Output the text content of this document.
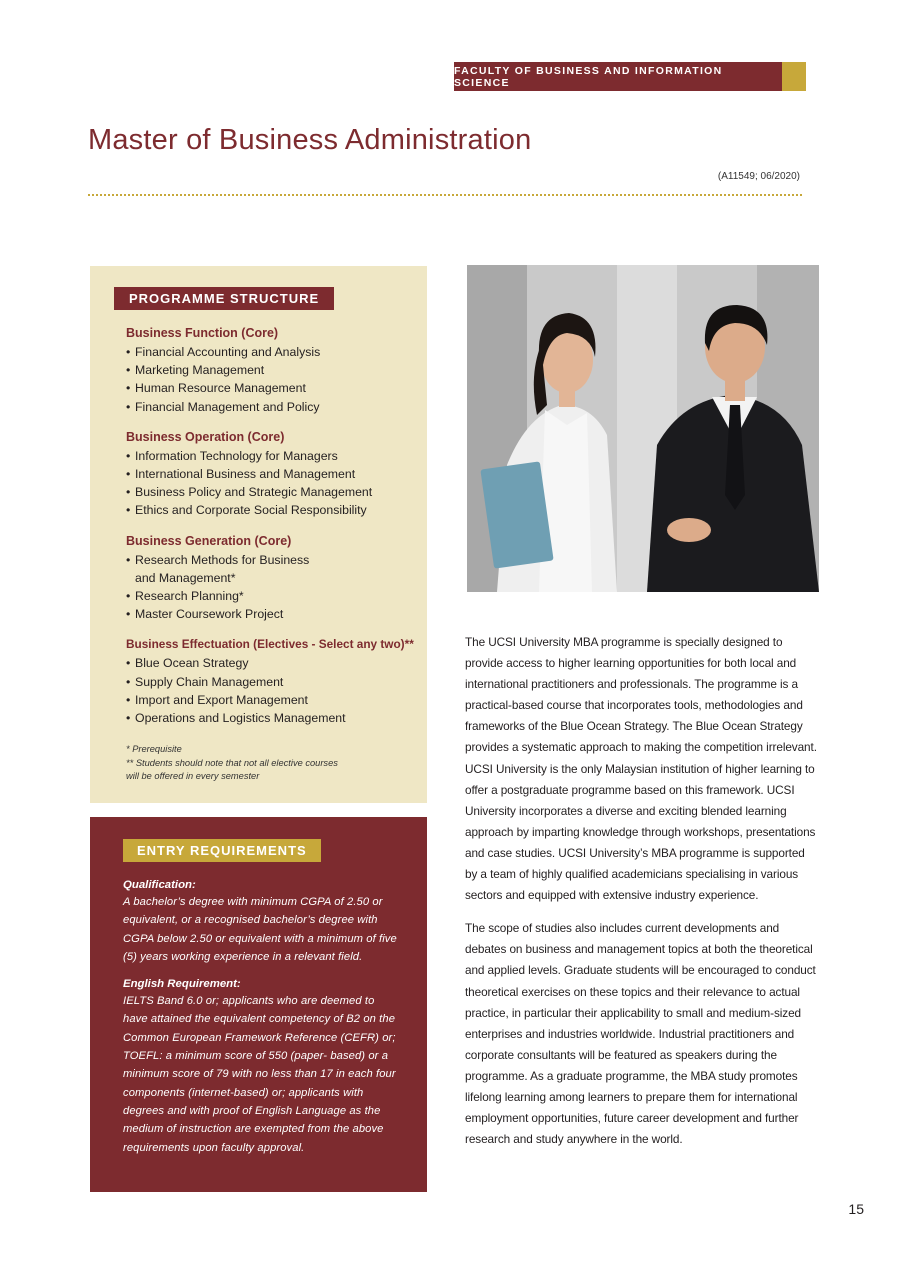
FACULTY OF BUSINESS AND INFORMATION SCIENCE
Master of Business Administration
(A11549; 06/2020)
PROGRAMME STRUCTURE
Business Function (Core)
• Financial Accounting and Analysis
• Marketing Management
• Human Resource Management
• Financial Management and Policy
Business Operation (Core)
• Information Technology for Managers
• International Business and Management
• Business Policy and Strategic Management
• Ethics and Corporate Social Responsibility
Business Generation (Core)
• Research Methods for Business
and Management*
• Research Planning*
• Master Coursework Project
Business Effectuation (Electives - Select any two)**
• Blue Ocean Strategy
• Supply Chain Management
• Import and Export Management
• Operations and Logistics Management
* Prerequisite
** Students should note that not all elective courses
will be offered in every semester
ENTRY REQUIREMENTS
Qualification:
A bachelor’s degree with minimum CGPA of 2.50 or equivalent, or a recognised bachelor’s degree with CGPA below 2.50 or equivalent with a minimum of five (5) years working experience in a relevant field.
English Requirement:
IELTS Band 6.0 or; applicants who are deemed to have attained the equivalent competency of B2 on the Common European Framework Reference (CEFR) or; TOEFL: a minimum score of 550 (paper- based) or a minimum score of 79 with no less than 17 in each four components (internet-based) or; applicants with degrees and with proof of English Language as the medium of instruction are exempted from the above requirements upon faculty approval.

The UCSI University MBA programme is specially designed to provide access to higher learning opportunities for both local and international practitioners and professionals. The programme is a practical-based course that incorporates tools, methodologies and frameworks of the Blue Ocean Strategy. The Blue Ocean Strategy provides a systematic approach to making the competition irrelevant. UCSI University is the only Malaysian institution of higher learning to offer a postgraduate programme based on this framework. UCSI University incorporates a diverse and exciting blended learning approach by imparting knowledge through workshops, presentations and case studies. UCSI University’s MBA programme is supported by a team of highly qualified academicians specialising in various sectors and equipped with extensive industry experience.

The scope of studies also includes current developments and debates on business and management topics at both the theoretical and applied levels. Graduate students will be encouraged to conduct theoretical exercises on these topics and their relevance to actual practice, in particular their applicability to small and medium-sized enterprises and industries worldwide. Industrial practitioners and corporate consultants will be featured as speakers during the programme. As a graduate programme, the MBA study promotes lifelong learning among learners to prepare them for international employment opportunities, future career development and further research and study anywhere in the world.

15
